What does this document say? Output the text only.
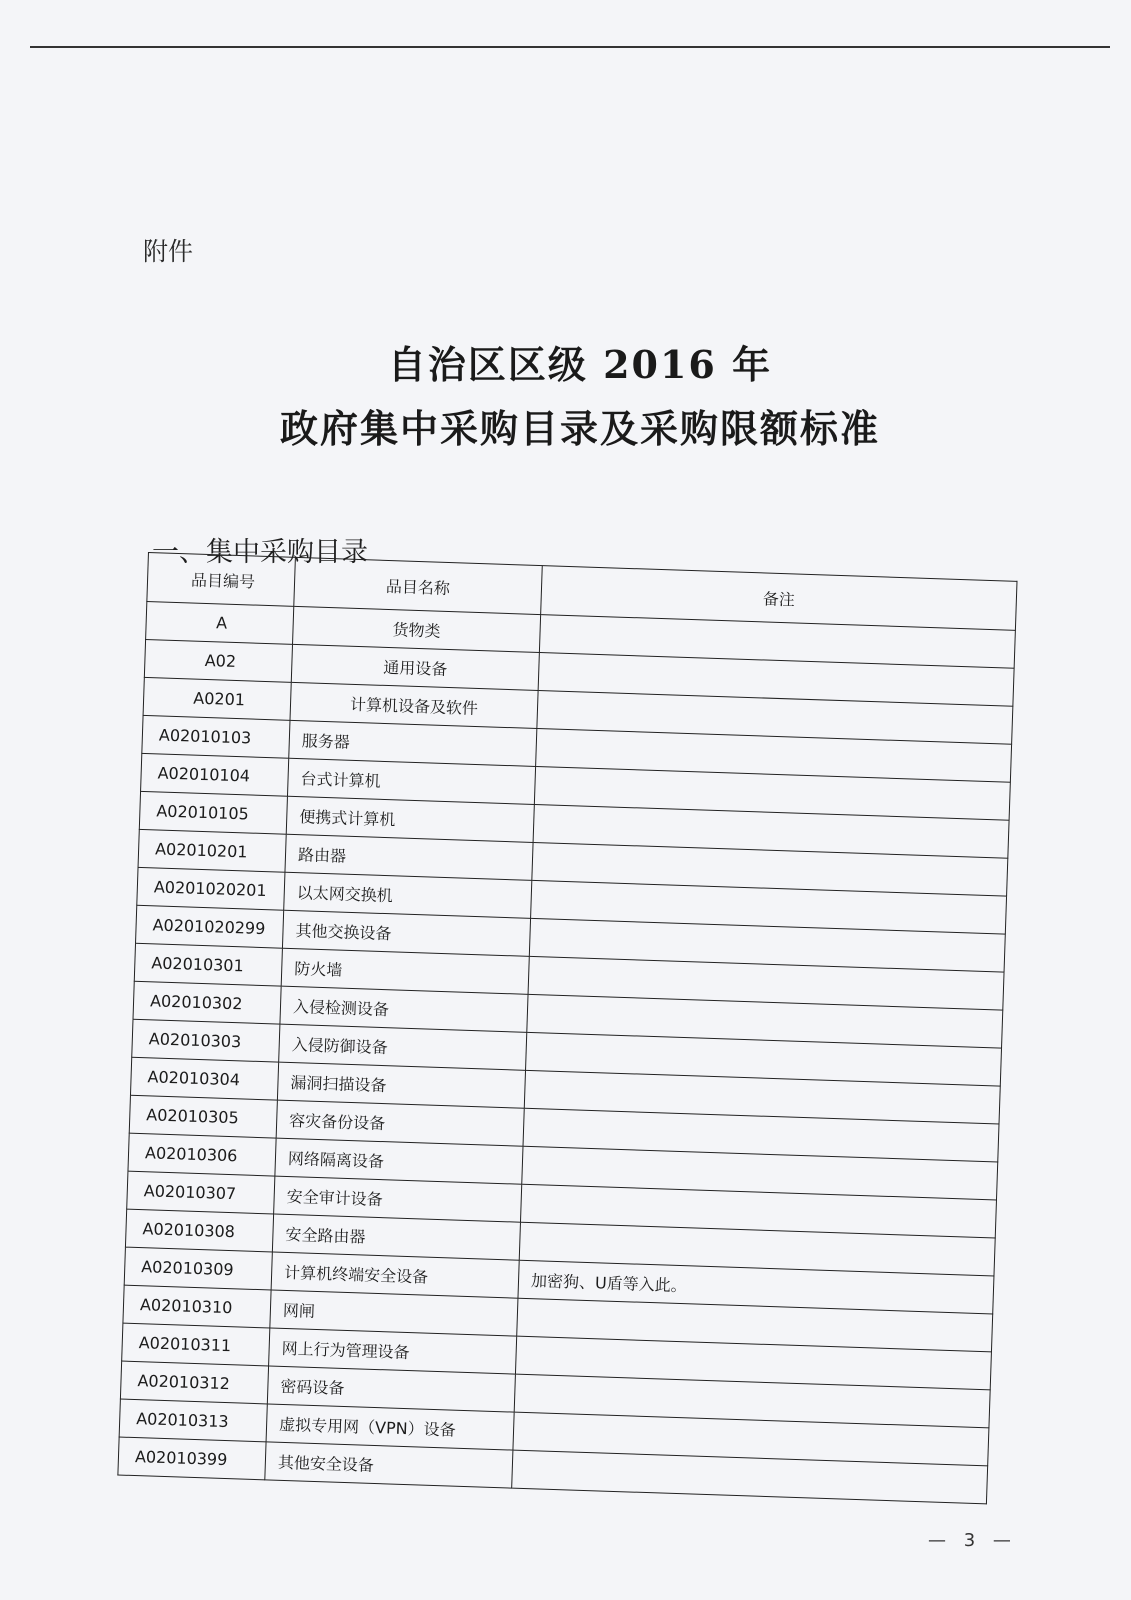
附件
自治区区级 2016 年
政府集中采购目录及采购限额标准
一、集中采购目录
品目编号	品目名称	备注
A	货物类	
A02	通用设备	
A0201	计算机设备及软件	
A02010103	服务器	
A02010104	台式计算机	
A02010105	便携式计算机	
A02010201	路由器	
A0201020201	以太网交换机	
A0201020299	其他交换设备	
A02010301	防火墙	
A02010302	入侵检测设备	
A02010303	入侵防御设备	
A02010304	漏洞扫描设备	
A02010305	容灾备份设备	
A02010306	网络隔离设备	
A02010307	安全审计设备	
A02010308	安全路由器	
A02010309	计算机终端安全设备	加密狗、U盾等入此。
A02010310	网闸	
A02010311	网上行为管理设备	
A02010312	密码设备	
A02010313	虚拟专用网（VPN）设备	
A02010399	其他安全设备	
— 3 —
